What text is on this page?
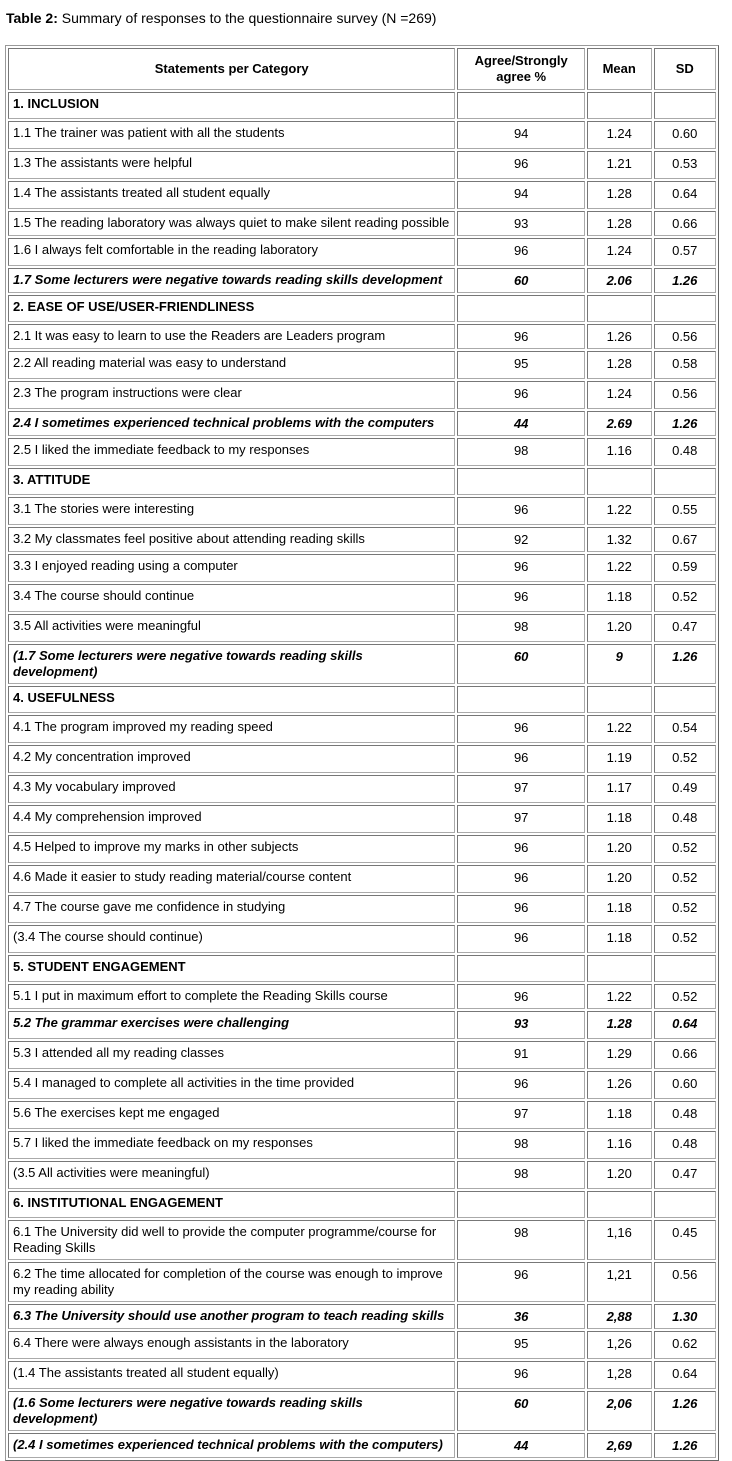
Table 2: Summary of responses to the questionnaire survey (N =269)
Statements per Category	Agree/Strongly agree %	Mean	SD
1. INCLUSION			
1.1 The trainer was patient with all the students	94	1.24	0.60
1.3 The assistants were helpful	96	1.21	0.53
1.4 The assistants treated all student equally	94	1.28	0.64
1.5 The reading laboratory was always quiet to make silent reading possible	93	1.28	0.66
1.6 I always felt comfortable in the reading laboratory	96	1.24	0.57
1.7 Some lecturers were negative towards reading skills development	60	2.06	1.26
2. EASE OF USE/USER-FRIENDLINESS			
2.1 It was easy to learn to use the Readers are Leaders program	96	1.26	0.56
2.2 All reading material was easy to understand	95	1.28	0.58
2.3 The program instructions were clear	96	1.24	0.56
2.4 I sometimes experienced technical problems with the computers	44	2.69	1.26
2.5 I liked the immediate feedback to my responses	98	1.16	0.48
3. ATTITUDE			
3.1 The stories were interesting	96	1.22	0.55
3.2 My classmates feel positive about attending reading skills	92	1.32	0.67
3.3 I enjoyed reading using a computer	96	1.22	0.59
3.4 The course should continue	96	1.18	0.52
3.5 All activities were meaningful	98	1.20	0.47
(1.7 Some lecturers were negative towards reading skills development)	60	9	1.26
4. USEFULNESS			
4.1 The program improved my reading speed	96	1.22	0.54
4.2 My concentration improved	96	1.19	0.52
4.3 My vocabulary improved	97	1.17	0.49
4.4 My comprehension improved	97	1.18	0.48
4.5 Helped to improve my marks in other subjects	96	1.20	0.52
4.6 Made it easier to study reading material/course content	96	1.20	0.52
4.7 The course gave me confidence in studying	96	1.18	0.52
(3.4 The course should continue)	96	1.18	0.52
5. STUDENT ENGAGEMENT			
5.1 I put in maximum effort to complete the Reading Skills course	96	1.22	0.52
5.2 The grammar exercises were challenging	93	1.28	0.64
5.3 I attended all my reading classes	91	1.29	0.66
5.4 I managed to complete all activities in the time provided	96	1.26	0.60
5.6 The exercises kept me engaged	97	1.18	0.48
5.7 I liked the immediate feedback on my responses	98	1.16	0.48
(3.5 All activities were meaningful)	98	1.20	0.47
6. INSTITUTIONAL ENGAGEMENT			
6.1 The University did well to provide the computer programme/course for Reading Skills	98	1,16	0.45
6.2 The time allocated for completion of the course was enough to improve my reading ability	96	1,21	0.56
6.3 The University should use another program to teach reading skills	36	2,88	1.30
6.4 There were always enough assistants in the laboratory	95	1,26	0.62
(1.4 The assistants treated all student equally)	96	1,28	0.64
(1.6 Some lecturers were negative towards reading skills development)	60	2,06	1.26
(2.4 I sometimes experienced technical problems with the computers)	44	2,69	1.26
